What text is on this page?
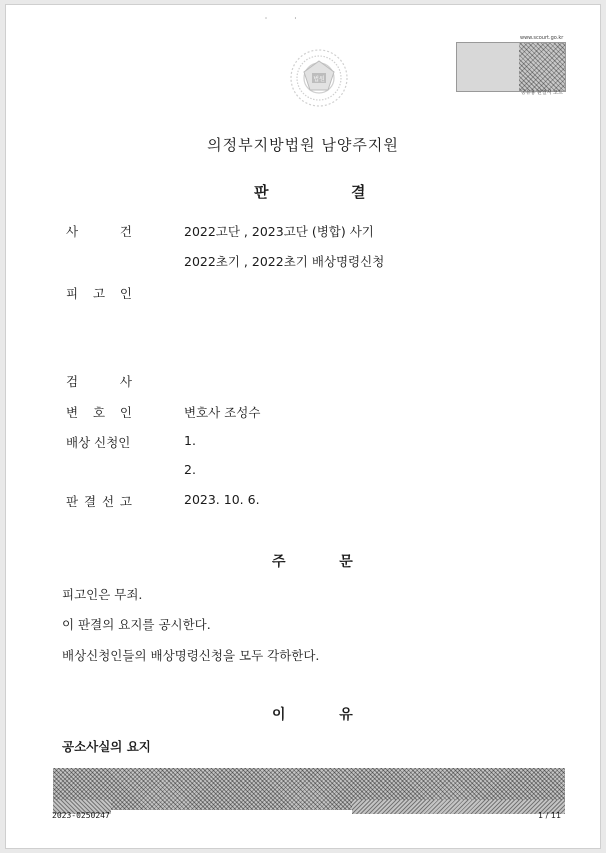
˙          ˙
법원
www.scourt.go.kr
공유용 판결서 코드
의정부지방법원 남양주지원
판	결
사	건	2022고단 , 2023고단 (병합) 사기
2022초기 , 2022초기 배상명령신청
피 고 인
검	사
변 호 인	변호사 조성수
배상 신청인	1.
2.
판 결 선 고	2023. 10. 6.
주	문
피고인은 무죄.
이 판결의 요지를 공시한다.
배상신청인들의 배상명령신청을 모두 각하한다.
이	유
공소사실의 요지
2023-0250247	1 / 11
